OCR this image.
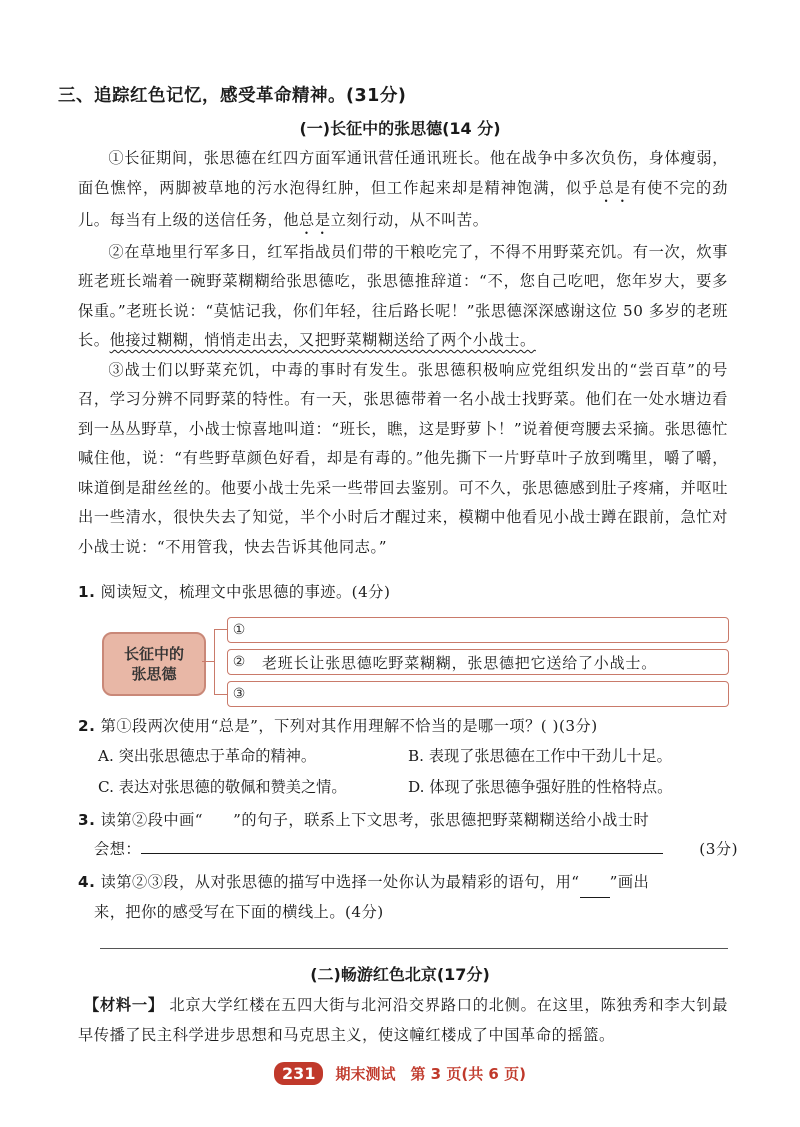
三、追踪红色记忆，感受革命精神。(31分)
(一)长征中的张思德(14 分)

①长征期间，张思德在红四方面军通讯营任通讯班长。他在战争中多次负伤，身体瘦弱，面色憔悴，两脚被草地的污水泡得红肿，但工作起来却是精神饱满，似乎总是有使不完的劲儿。每当有上级的送信任务，他总是立刻行动，从不叫苦。

②在草地里行军多日，红军指战员们带的干粮吃完了，不得不用野菜充饥。有一次，炊事班老班长端着一碗野菜糊糊给张思德吃，张思德推辞道：“不，您自己吃吧，您年岁大，要多保重。”老班长说：“莫惦记我，你们年轻，往后路长呢！”张思德深深感谢这位 50 多岁的老班长。他接过糊糊，悄悄走出去，又把野菜糊糊送给了两个小战士。

③战士们以野菜充饥，中毒的事时有发生。张思德积极响应党组织发出的“尝百草”的号召，学习分辨不同野菜的特性。有一天，张思德带着一名小战士找野菜。他们在一处水塘边看到一丛丛野草，小战士惊喜地叫道：“班长，瞧，这是野萝卜！”说着便弯腰去采摘。张思德忙喊住他，说：“有些野草颜色好看，却是有毒的。”他先撕下一片野草叶子放到嘴里，嚼了嚼，味道倒是甜丝丝的。他要小战士先采一些带回去鉴别。可不久，张思德感到肚子疼痛，并呕吐出一些清水，很快失去了知觉，半个小时后才醒过来，模糊中他看见小战士蹲在跟前，急忙对小战士说：“不用管我，快去告诉其他同志。”

1. 阅读短文，梳理文中张思德的事迹。(4分)
长征中的
张思德
①
②	老班长让张思德吃野菜糊糊，张思德把它送给了小战士。
③
2. 第①段两次使用“总是”，下列对其作用理解不恰当的是哪一项？( )(3分)
A. 突出张思德忠于革命的精神。	B. 表现了张思德在工作中干劲儿十足。
C. 表达对张思德的敬佩和赞美之情。	D. 体现了张思德争强好胜的性格特点。
3. 读第②段中画“ ”的句子，联系上下文思考，张思德把野菜糊糊送给小战士时
会想：	(3分)
4. 读第②③段，从对张思德的描写中选择一处你认为最精彩的语句，用“ ”画出
来，把你的感受写在下面的横线上。(4分)
(二)畅游红色北京(17分)

【材料一】 北京大学红楼在五四大街与北河沿交界路口的北侧。在这里，陈独秀和李大钊最早传播了民主科学进步思想和马克思主义，使这幢红楼成了中国革命的摇篮。

231 期末测试　第 3 页(共 6 页)
